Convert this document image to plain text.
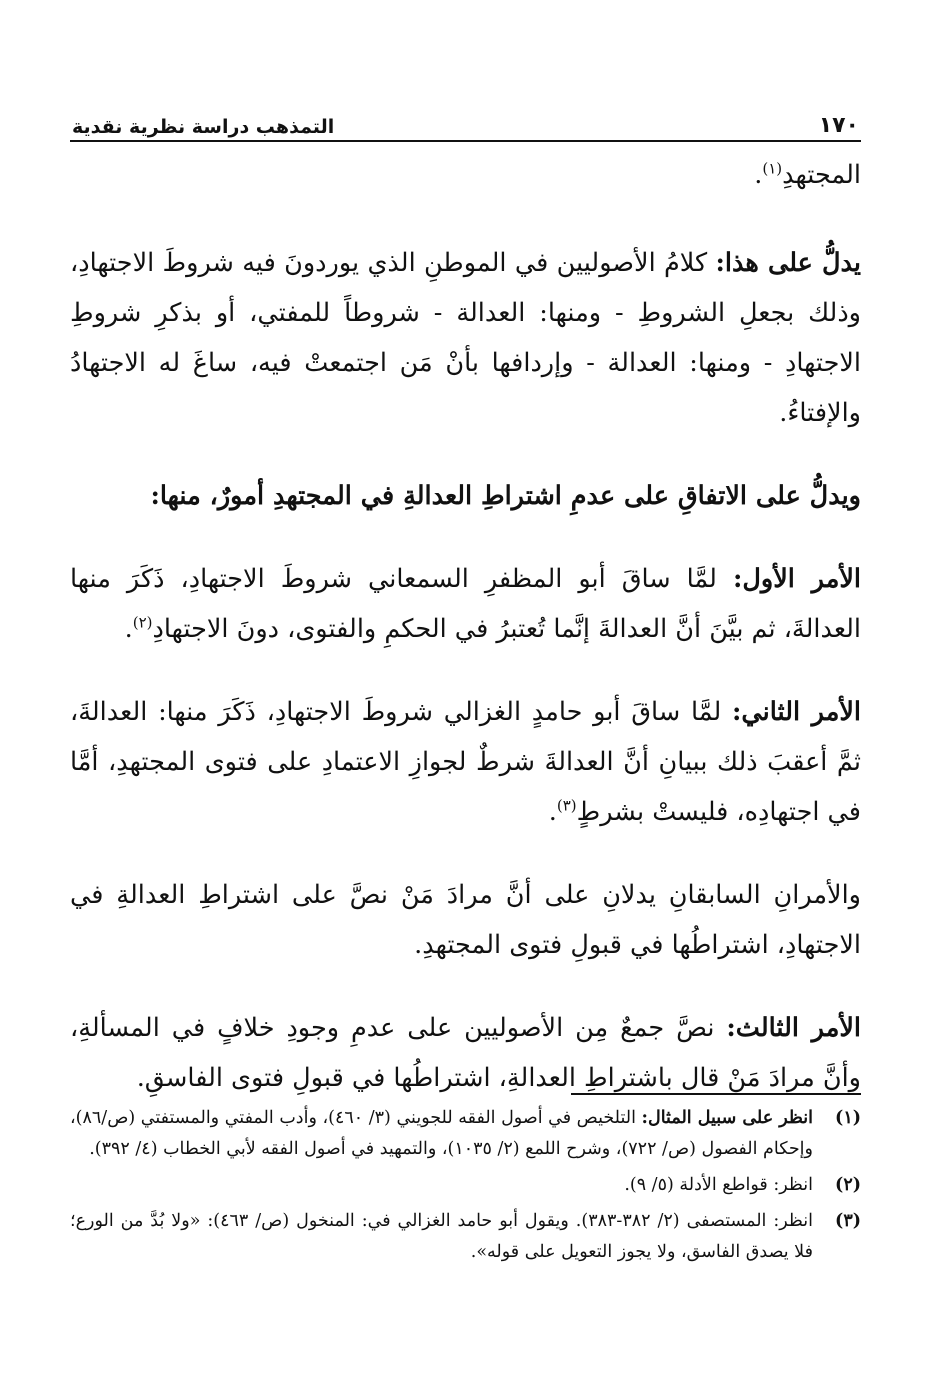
١٧٠
التمذهب دراسة نظرية نقدية

المجتهدِ$^{(١)}$.

يدلُّ على هذا: كلامُ الأصوليين في الموطنِ الذي يوردونَ فيه شروطَ الاجتهادِ، وذلك بجعلِ الشروطِ - ومنها: العدالة - شروطاً للمفتي، أو بذكرِ شروطِ الاجتهادِ - ومنها: العدالة - وإردافها بأنْ مَن اجتمعتْ فيه، ساغَ له الاجتهادُ والإفتاءُ.

ويدلُّ على الاتفاقِ على عدمِ اشتراطِ العدالةِ في المجتهدِ أمورٌ، منها:

الأمر الأول: لمَّا ساقَ أبو المظفرِ السمعاني شروطَ الاجتهادِ، ذَكَرَ منها العدالةَ، ثم بيَّنَ أنَّ العدالةَ إنَّما تُعتبرُ في الحكمِ والفتوى، دونَ الاجتهادِ$^{(٢)}$.

الأمر الثاني: لمَّا ساقَ أبو حامدٍ الغزالي شروطَ الاجتهادِ، ذَكَرَ منها: العدالةَ، ثمَّ أعقبَ ذلك ببيانِ أنَّ العدالةَ شرطٌ لجوازِ الاعتمادِ على فتوى المجتهدِ، أمَّا في اجتهادِه، فليستْ بشرطٍ$^{(٣)}$.

والأمرانِ السابقانِ يدلانِ على أنَّ مرادَ مَنْ نصَّ على اشتراطِ العدالةِ في الاجتهادِ، اشتراطُها في قبولِ فتوى المجتهدِ.

الأمر الثالث: نصَّ جمعٌ مِن الأصوليين على عدمِ وجودِ خلافٍ في المسألةِ، وأنَّ مرادَ مَنْ قال باشتراطِ العدالةِ، اشتراطُها في قبولِ فتوى الفاسقِ.

(١)
انظر على سبيل المثال: التلخيص في أصول الفقه للجويني (٣/ ٤٦٠)، وأدب المفتي والمستفتي (ص/٨٦)، وإحكام الفصول (ص/ ٧٢٢)، وشرح اللمع (٢/ ١٠٣٥)، والتمهيد في أصول الفقه لأبي الخطاب (٤/ ٣٩٢).
(٢)
انظر: قواطع الأدلة (٥/ ٩).
(٣)
انظر: المستصفى (٢/ ٣٨٢-٣٨٣). ويقول أبو حامد الغزالي في: المنخول (ص/ ٤٦٣): «ولا بُدَّ من الورع؛ فلا يصدق الفاسق، ولا يجوز التعويل على قوله».
